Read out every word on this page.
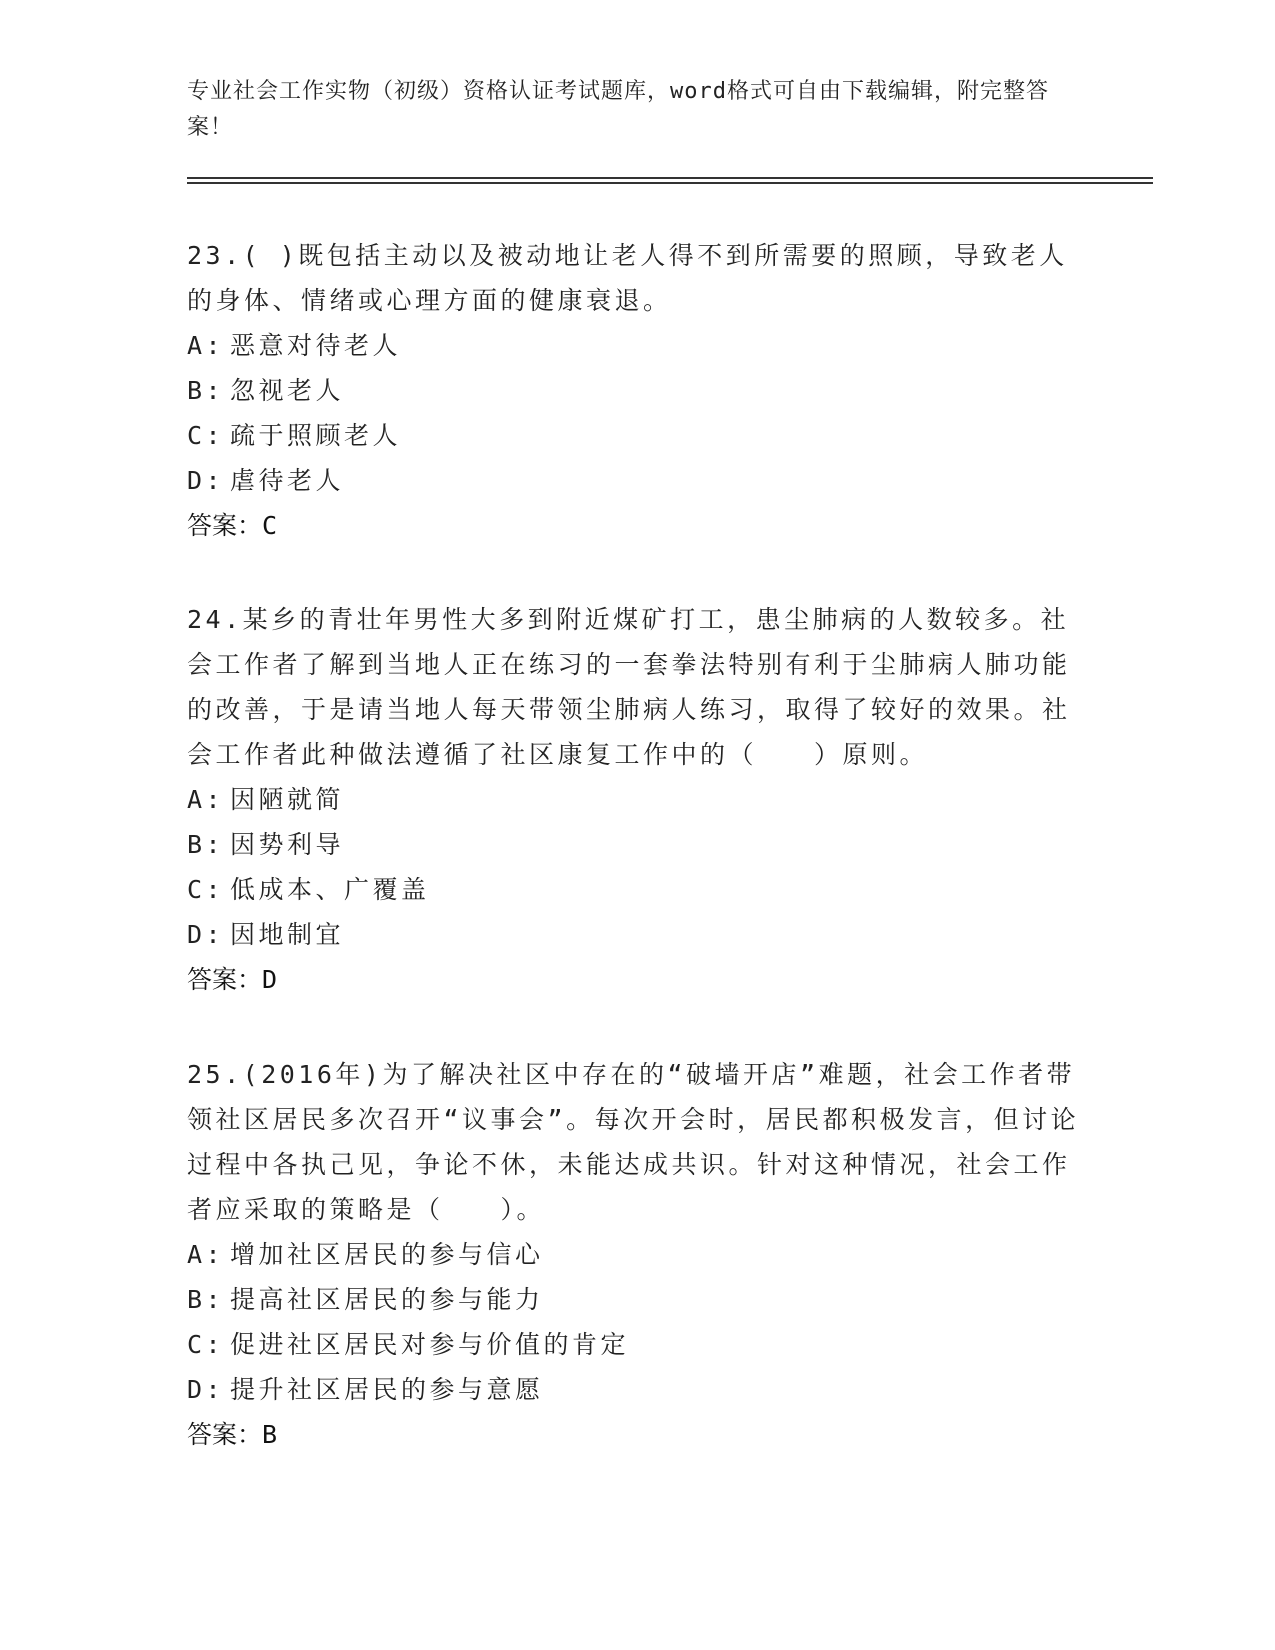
专业社会工作实物（初级）资格认证考试题库，word格式可自由下载编辑，附完整答案！

23.( )既包括主动以及被动地让老人得不到所需要的照顾，导致老人的身体、情绪或心理方面的健康衰退。

A: 恶意对待老人

B: 忽视老人

C: 疏于照顾老人

D: 虐待老人

答案：C

24.某乡的青壮年男性大多到附近煤矿打工，患尘肺病的人数较多。社会工作者了解到当地人正在练习的一套拳法特别有利于尘肺病人肺功能的改善，于是请当地人每天带领尘肺病人练习，取得了较好的效果。社会工作者此种做法遵循了社区康复工作中的（　　）原则。

A: 因陋就简

B: 因势利导

C: 低成本、广覆盖

D: 因地制宜

答案：D

25.(2016年)为了解决社区中存在的“破墙开店”难题，社会工作者带领社区居民多次召开“议事会”。每次开会时，居民都积极发言，但讨论过程中各执己见，争论不休，未能达成共识。针对这种情况，社会工作者应采取的策略是（　　）。

A: 增加社区居民的参与信心

B: 提高社区居民的参与能力

C: 促进社区居民对参与价值的肯定

D: 提升社区居民的参与意愿

答案：B
